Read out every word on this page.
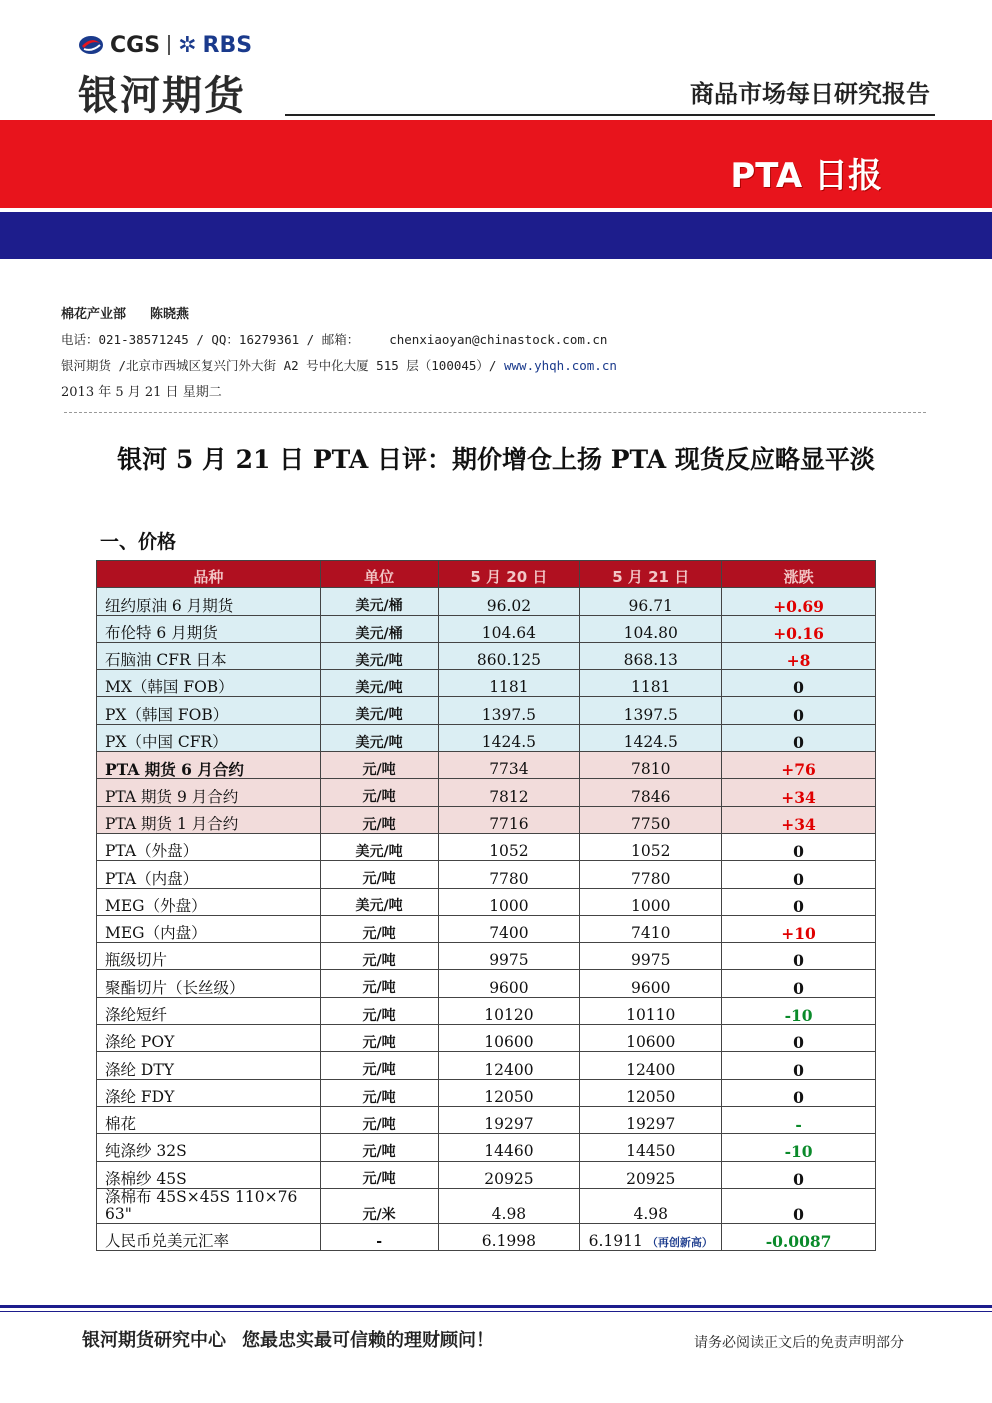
CGS ✲ RBS
银河期货	商品市场每日研究报告
PTA 日报
棉花产业部 陈晓燕
电话：021-38571245 / QQ：16279361 / 邮箱： chenxiaoyan@chinastock.com.cn
银河期货 /北京市西城区复兴门外大街 A2 号中化大厦 515 层（100045）/ www.yhqh.com.cn
2013 年 5 月 21 日 星期二
银河 5 月 21 日 PTA 日评：期价增仓上扬 PTA 现货反应略显平淡
一、价格
品种	单位	5 月 20 日	5 月 21 日	涨跌
纽约原油 6 月期货	美元/桶	96.02	96.71	+0.69
布伦特 6 月期货	美元/桶	104.64	104.80	+0.16
石脑油 CFR 日本	美元/吨	860.125	868.13	+8
MX（韩国 FOB）	美元/吨	1181	1181	0
PX（韩国 FOB）	美元/吨	1397.5	1397.5	0
PX（中国 CFR）	美元/吨	1424.5	1424.5	0
PTA 期货 6 月合约	元/吨	7734	7810	+76
PTA 期货 9 月合约	元/吨	7812	7846	+34
PTA 期货 1 月合约	元/吨	7716	7750	+34
PTA（外盘）	美元/吨	1052	1052	0
PTA（内盘）	元/吨	7780	7780	0
MEG（外盘）	美元/吨	1000	1000	0
MEG（内盘）	元/吨	7400	7410	+10
瓶级切片	元/吨	9975	9975	0
聚酯切片（长丝级）	元/吨	9600	9600	0
涤纶短纤	元/吨	10120	10110	-10
涤纶 POY	元/吨	10600	10600	0
涤纶 DTY	元/吨	12400	12400	0
涤纶 FDY	元/吨	12050	12050	0
棉花	元/吨	19297	19297	-
纯涤纱 32S	元/吨	14460	14450	-10
涤棉纱 45S	元/吨	20925	20925	0
涤棉布 45S×45S 110×76 63"	元/米	4.98	4.98	0
人民币兑美元汇率	-	6.1998	6.1911 （再创新高）	-0.0087
银河期货研究中心 您最忠实最可信赖的理财顾问！	请务必阅读正文后的免责声明部分
